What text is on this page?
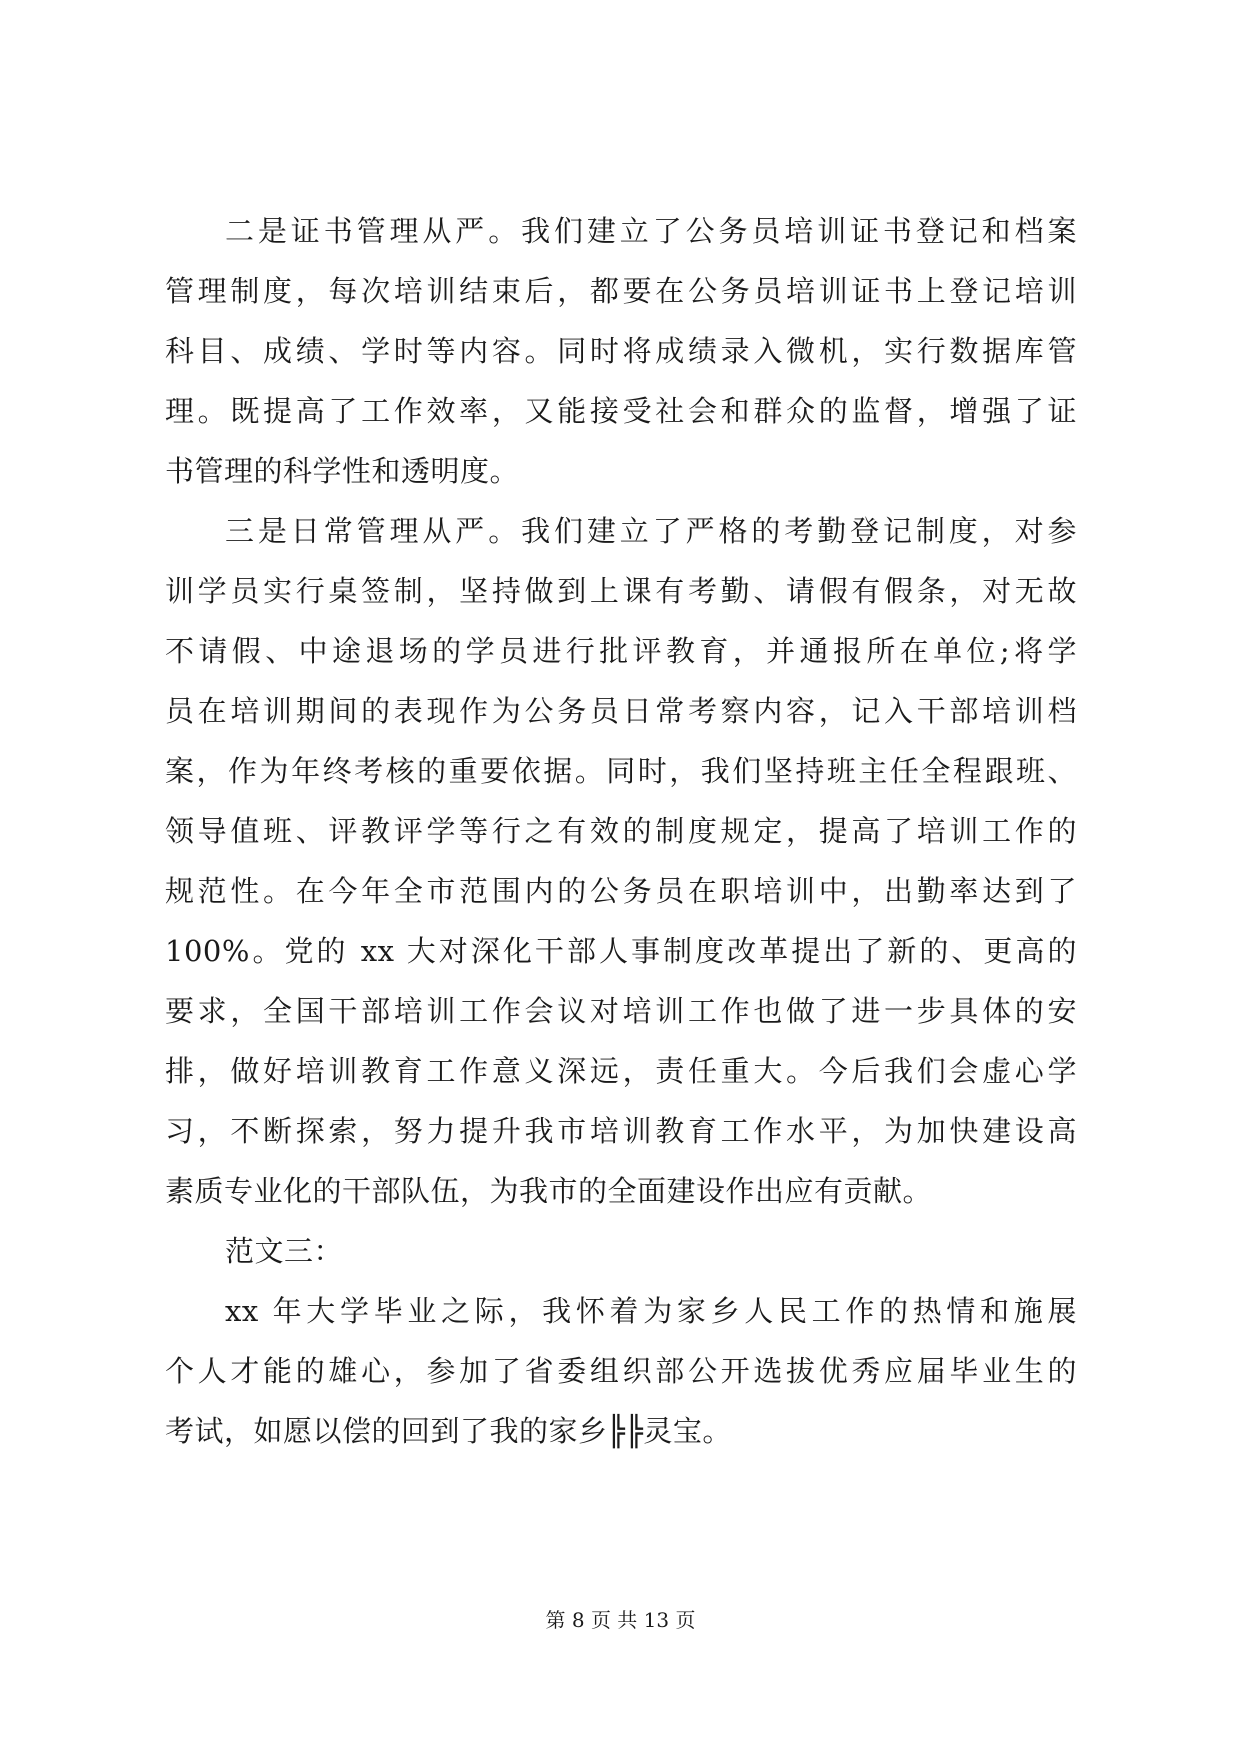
二是证书管理从严。我们建立了公务员培训证书登记和档案
管理制度，每次培训结束后，都要在公务员培训证书上登记培训
科目、成绩、学时等内容。同时将成绩录入微机，实行数据库管
理。既提高了工作效率，又能接受社会和群众的监督，增强了证
书管理的科学性和透明度。
三是日常管理从严。我们建立了严格的考勤登记制度，对参
训学员实行桌签制，坚持做到上课有考勤、请假有假条，对无故
不请假、中途退场的学员进行批评教育，并通报所在单位;将学
员在培训期间的表现作为公务员日常考察内容，记入干部培训档
案，作为年终考核的重要依据。同时，我们坚持班主任全程跟班、
领导值班、评教评学等行之有效的制度规定，提高了培训工作的
规范性。在今年全市范围内的公务员在职培训中，出勤率达到了
100%。党的 xx 大对深化干部人事制度改革提出了新的、更高的
要求，全国干部培训工作会议对培训工作也做了进一步具体的安
排，做好培训教育工作意义深远，责任重大。今后我们会虚心学
习，不断探索，努力提升我市培训教育工作水平，为加快建设高
素质专业化的干部队伍，为我市的全面建设作出应有贡献。
范文三：
xx 年大学毕业之际，我怀着为家乡人民工作的热情和施展
个人才能的雄心，参加了省委组织部公开选拔优秀应届毕业生的
考试，如愿以偿的回到了我的家乡╠╠灵宝。
第 8 页 共 13 页
